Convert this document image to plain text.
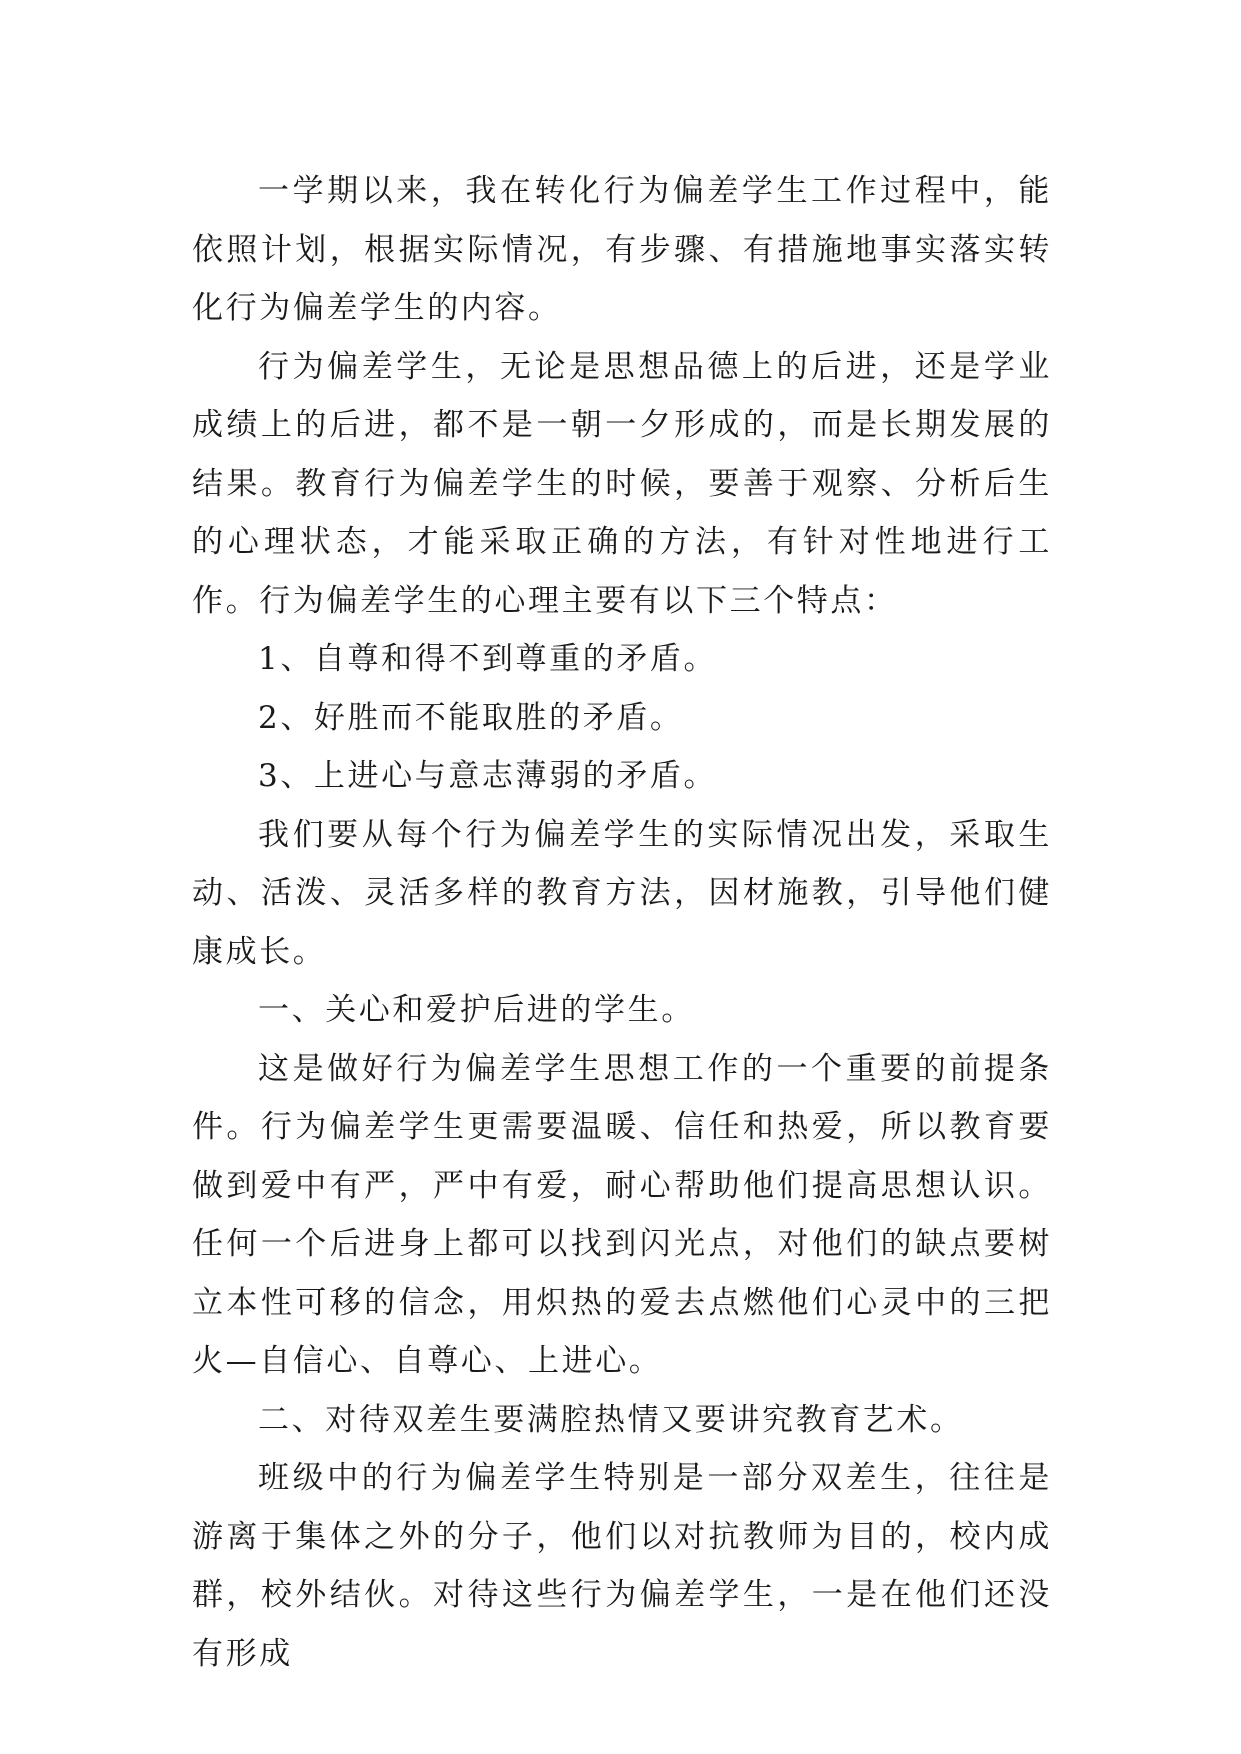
一学期以来，我在转化行为偏差学生工作过程中，能依照计划，根据实际情况，有步骤、有措施地事实落实转化行为偏差学生的内容。

行为偏差学生，无论是思想品德上的后进，还是学业成绩上的后进，都不是一朝一夕形成的，而是长期发展的结果。教育行为偏差学生的时候，要善于观察、分析后生的心理状态，才能采取正确的方法，有针对性地进行工作。行为偏差学生的心理主要有以下三个特点：

1、自尊和得不到尊重的矛盾。

2、好胜而不能取胜的矛盾。

3、上进心与意志薄弱的矛盾。

我们要从每个行为偏差学生的实际情况出发，采取生动、活泼、灵活多样的教育方法，因材施教，引导他们健康成长。

一、关心和爱护后进的学生。

这是做好行为偏差学生思想工作的一个重要的前提条件。行为偏差学生更需要温暖、信任和热爱，所以教育要做到爱中有严，严中有爱，耐心帮助他们提高思想认识。任何一个后进身上都可以找到闪光点，对他们的缺点要树立本性可移的信念，用炽热的爱去点燃他们心灵中的三把火—自信心、自尊心、上进心。

二、对待双差生要满腔热情又要讲究教育艺术。

班级中的行为偏差学生特别是一部分双差生，往往是游离于集体之外的分子，他们以对抗教师为目的，校内成群，校外结伙。对待这些行为偏差学生，一是在他们还没有形成
